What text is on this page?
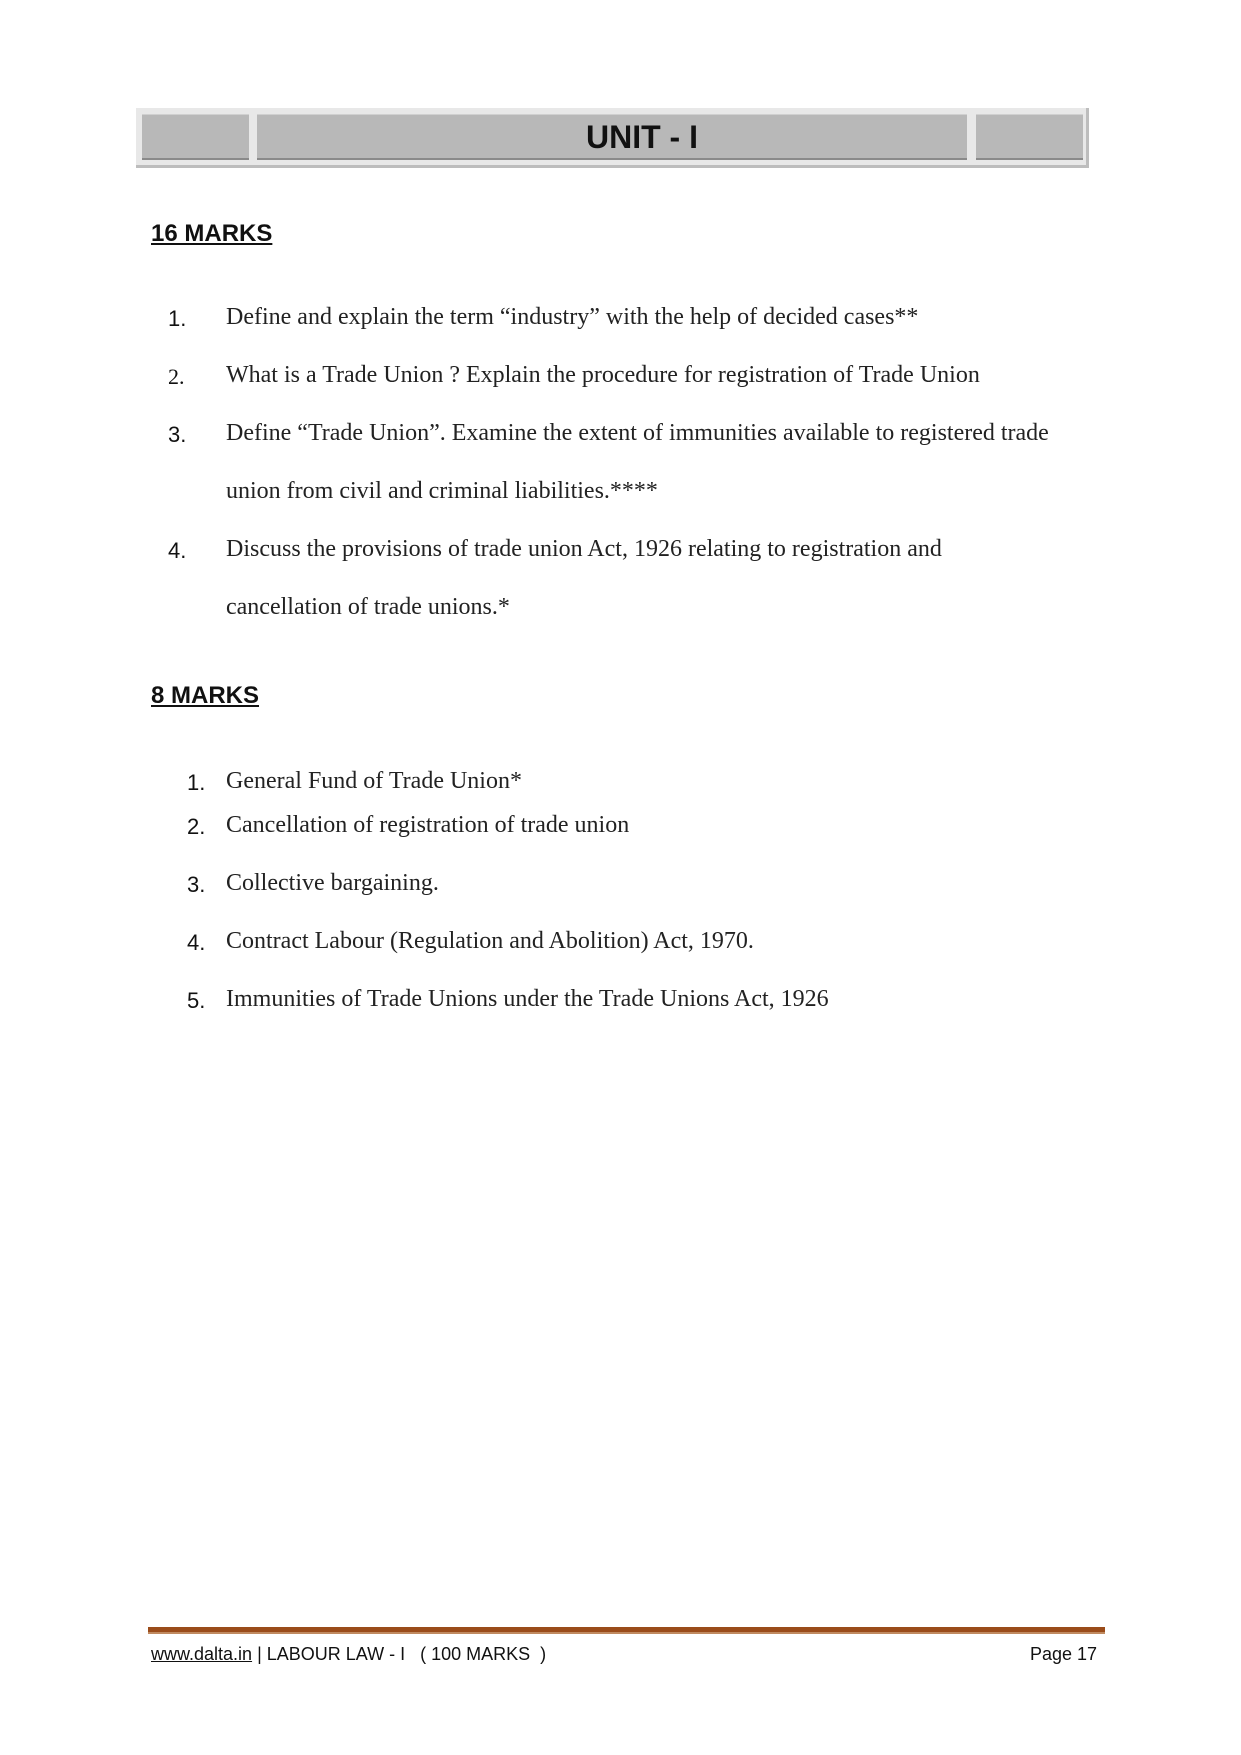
UNIT - I
16 MARKS
1. Define and explain the term “industry” with the help of decided cases**
2. What is a Trade Union ? Explain the procedure for registration of Trade Union
3. Define “Trade Union”. Examine the extent of immunities available to registered trade
union from civil and criminal liabilities.****
4. Discuss the provisions of trade union Act, 1926 relating to registration and
cancellation of trade unions.*
8 MARKS
1. General Fund of Trade Union*
2. Cancellation of registration of trade union
3. Collective bargaining.
4. Contract Labour (Regulation and Abolition) Act, 1970.
5. Immunities of Trade Unions under the Trade Unions Act, 1926
www.dalta.in | LABOUR LAW - I   ( 100 MARKS  )	Page 17
